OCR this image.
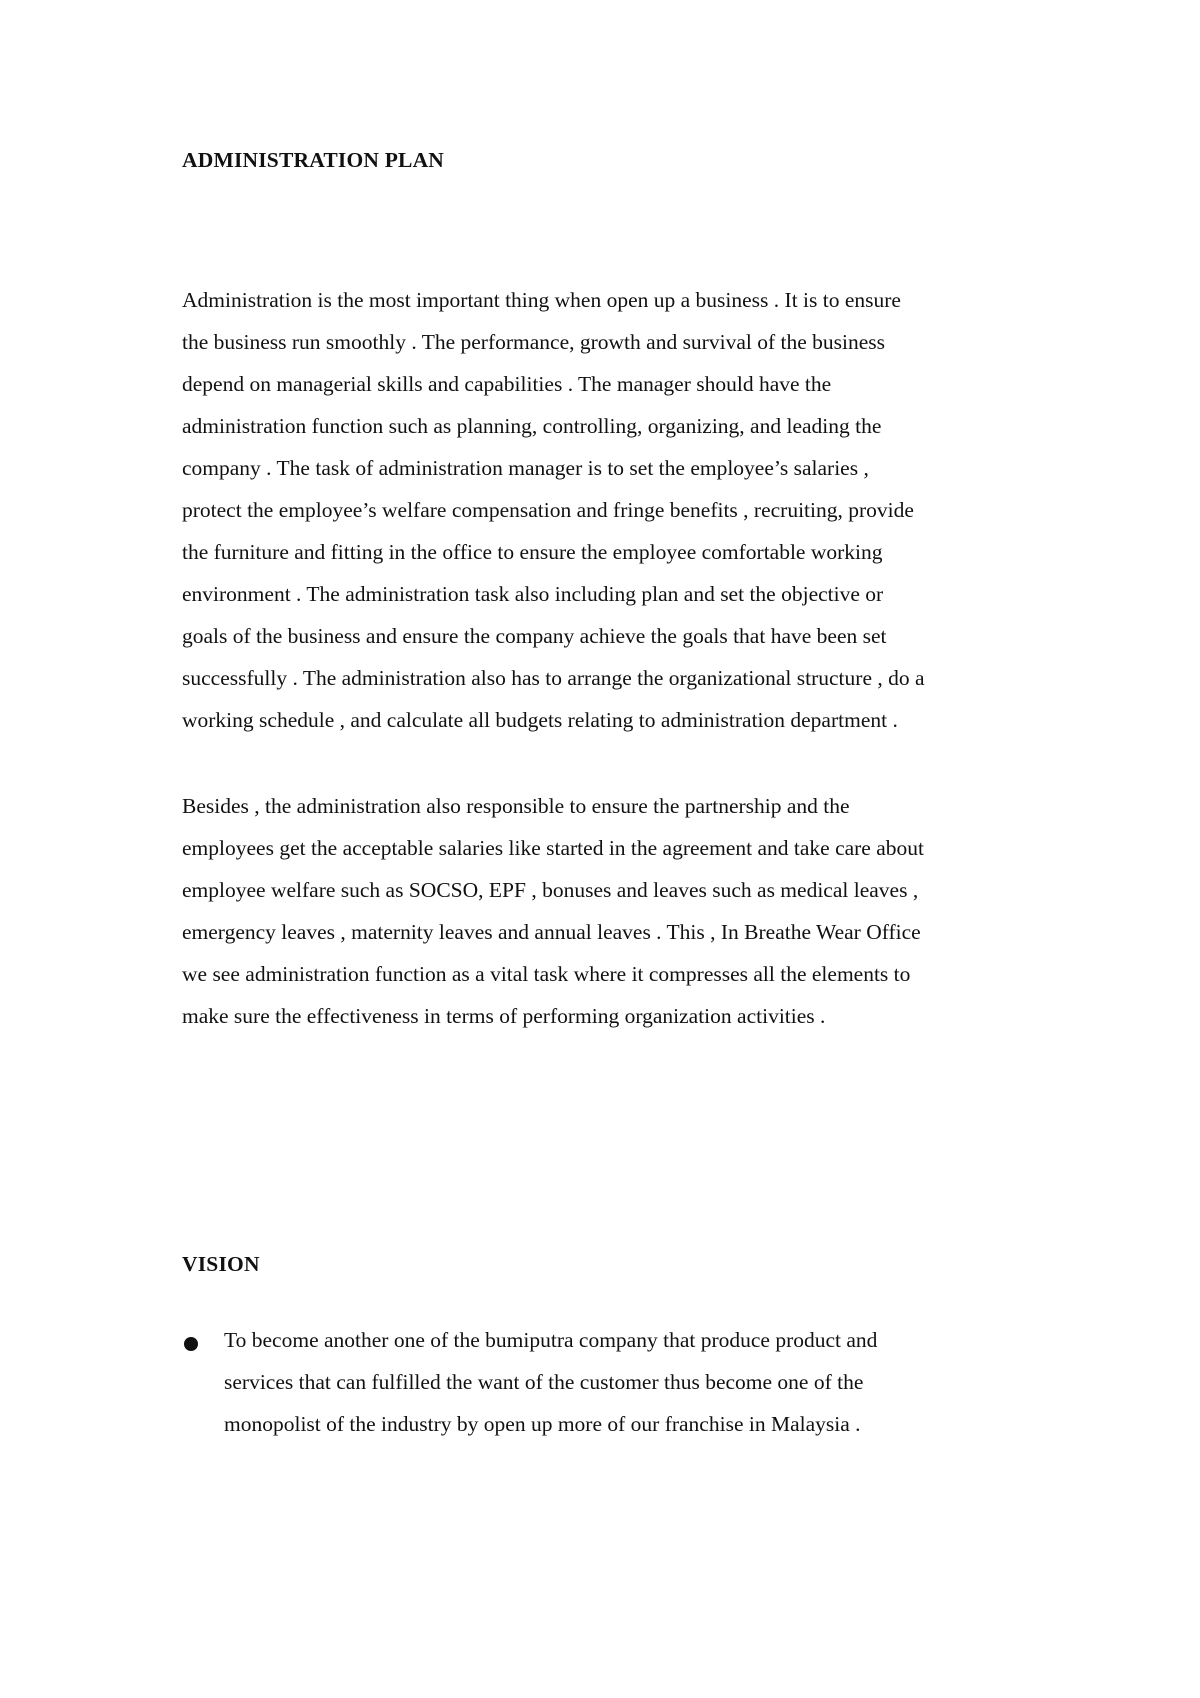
ADMINISTRATION PLAN
Administration is the most important thing when open up a business . It is to ensure
the business run smoothly . The performance, growth and survival of the business
depend on managerial skills and capabilities . The manager should have the
administration function such as planning, controlling, organizing, and leading the
company . The task of administration manager is to set the employee’s salaries ,
protect the employee’s welfare compensation and fringe benefits , recruiting, provide
the furniture and fitting in the office to ensure the employee comfortable working
environment . The administration task also including plan and set the objective or
goals of the business and ensure the company achieve the goals that have been set
successfully . The administration also has to arrange the organizational structure , do a
working schedule , and calculate all budgets relating to administration department .
Besides , the administration also responsible to ensure the partnership and the
employees get the acceptable salaries like started in the agreement and take care about
employee welfare such as SOCSO, EPF , bonuses and leaves such as medical leaves ,
emergency leaves , maternity leaves and annual leaves . This , In Breathe Wear Office
we see administration function as a vital task where it compresses all the elements to
make sure the effectiveness in terms of performing organization activities .
VISION
To become another one of the bumiputra company that produce product and
services that can fulfilled the want of the customer thus become one of the
monopolist of the industry by open up more of our franchise in Malaysia .
